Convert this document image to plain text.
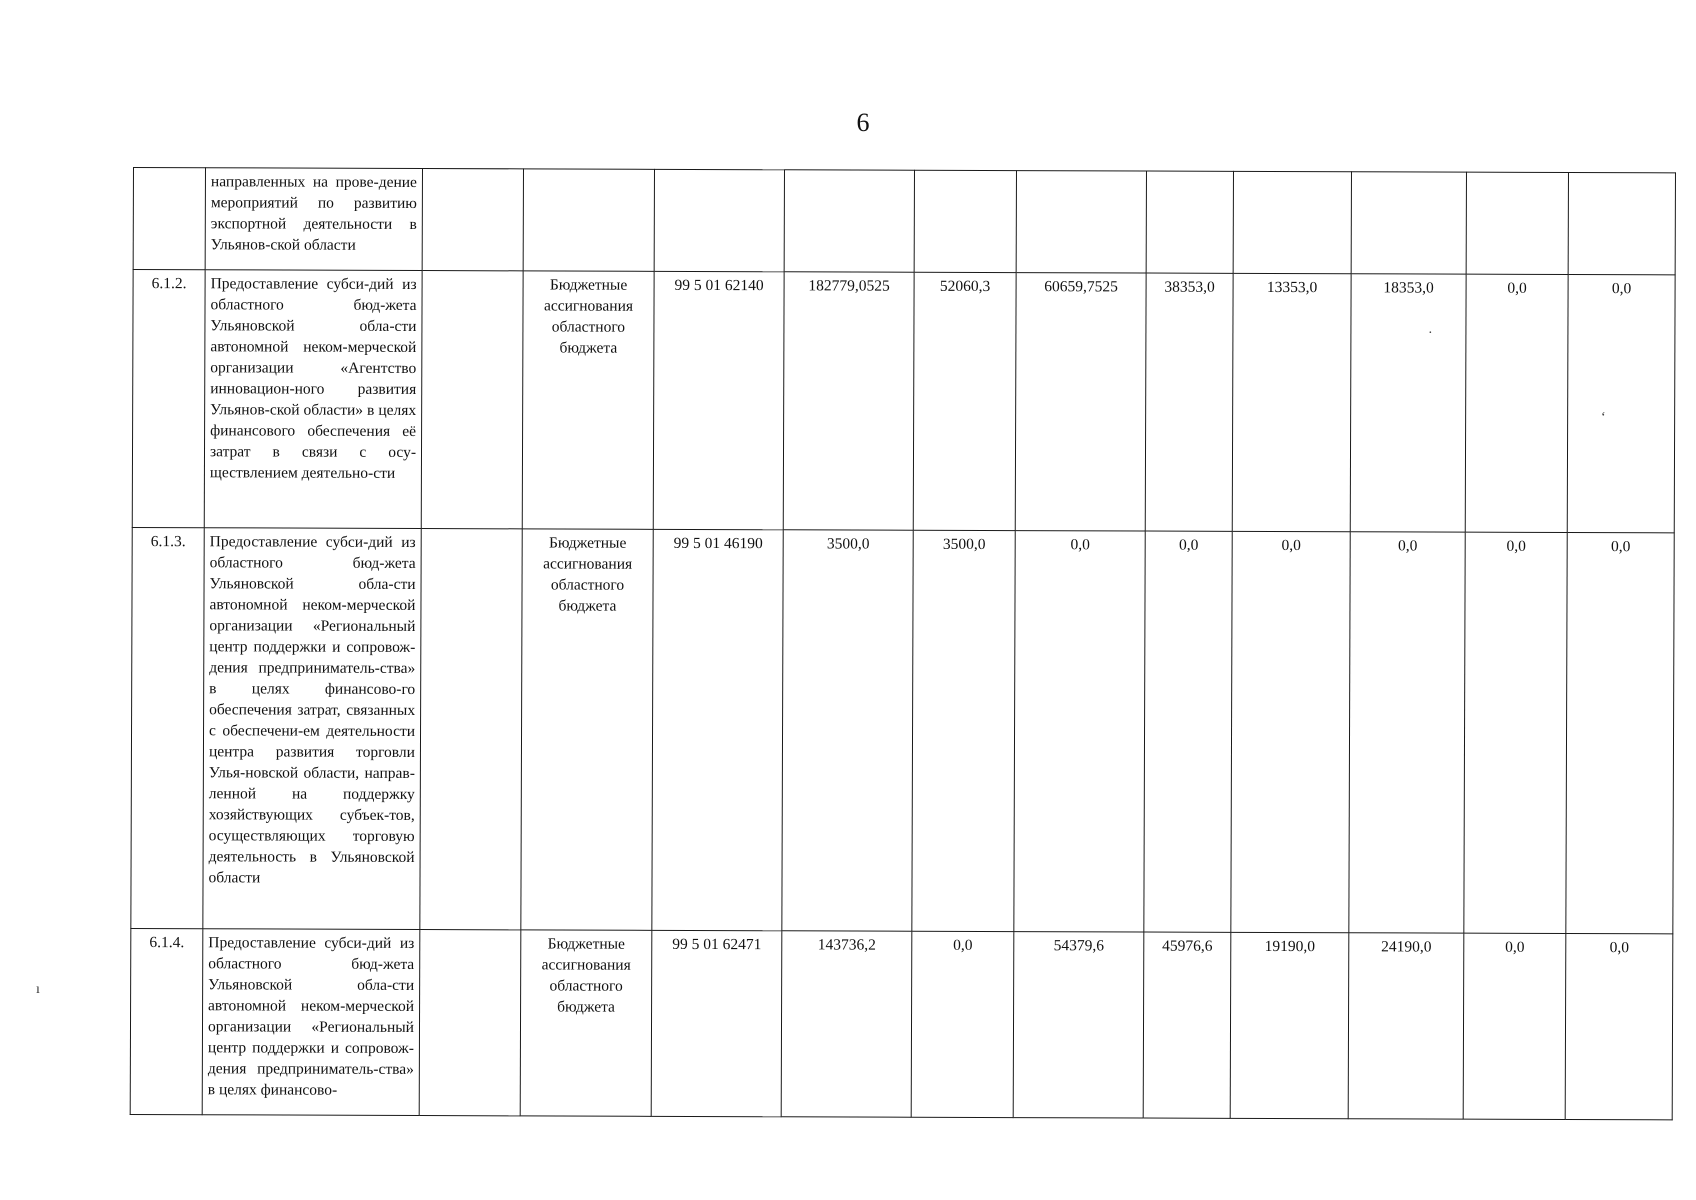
6
	направленных на прове-дение мероприятий по развитию экспортной деятельности в Ульянов-ской области											
6.1.2.	Предоставление субси-дий из областного бюд-жета Ульяновской обла-сти автономной неком-мерческой организации «Агентство инновацион-ного развития Ульянов-ской области» в целях финансового обеспечения её затрат в связи с осу-ществлением деятельно-сти		Бюджетные ассигнования областного бюджета	99 5 01 62140	182779,0525	52060,3	60659,7525	38353,0	13353,0	18353,0	0,0	0,0
6.1.3.	Предоставление субси-дий из областного бюд-жета Ульяновской обла-сти автономной неком-мерческой организации «Региональный центр поддержки и сопровож-дения предприниматель-ства» в целях финансово-го обеспечения затрат, связанных с обеспечени-ем деятельности центра развития торговли Улья-новской области, направ-ленной на поддержку хозяйствующих субъек-тов, осуществляющих торговую деятельность в Ульяновской области		Бюджетные ассигнования областного бюджета	99 5 01 46190	3500,0	3500,0	0,0	0,0	0,0	0,0	0,0	0,0
6.1.4.	Предоставление субси-дий из областного бюд-жета Ульяновской обла-сти автономной неком-мерческой организации «Региональный центр поддержки и сопровож-дения предприниматель-ства» в целях финансово-		Бюджетные ассигнования областного бюджета	99 5 01 62471	143736,2	0,0	54379,6	45976,6	19190,0	24190,0	0,0	0,0
·
‘
ı
